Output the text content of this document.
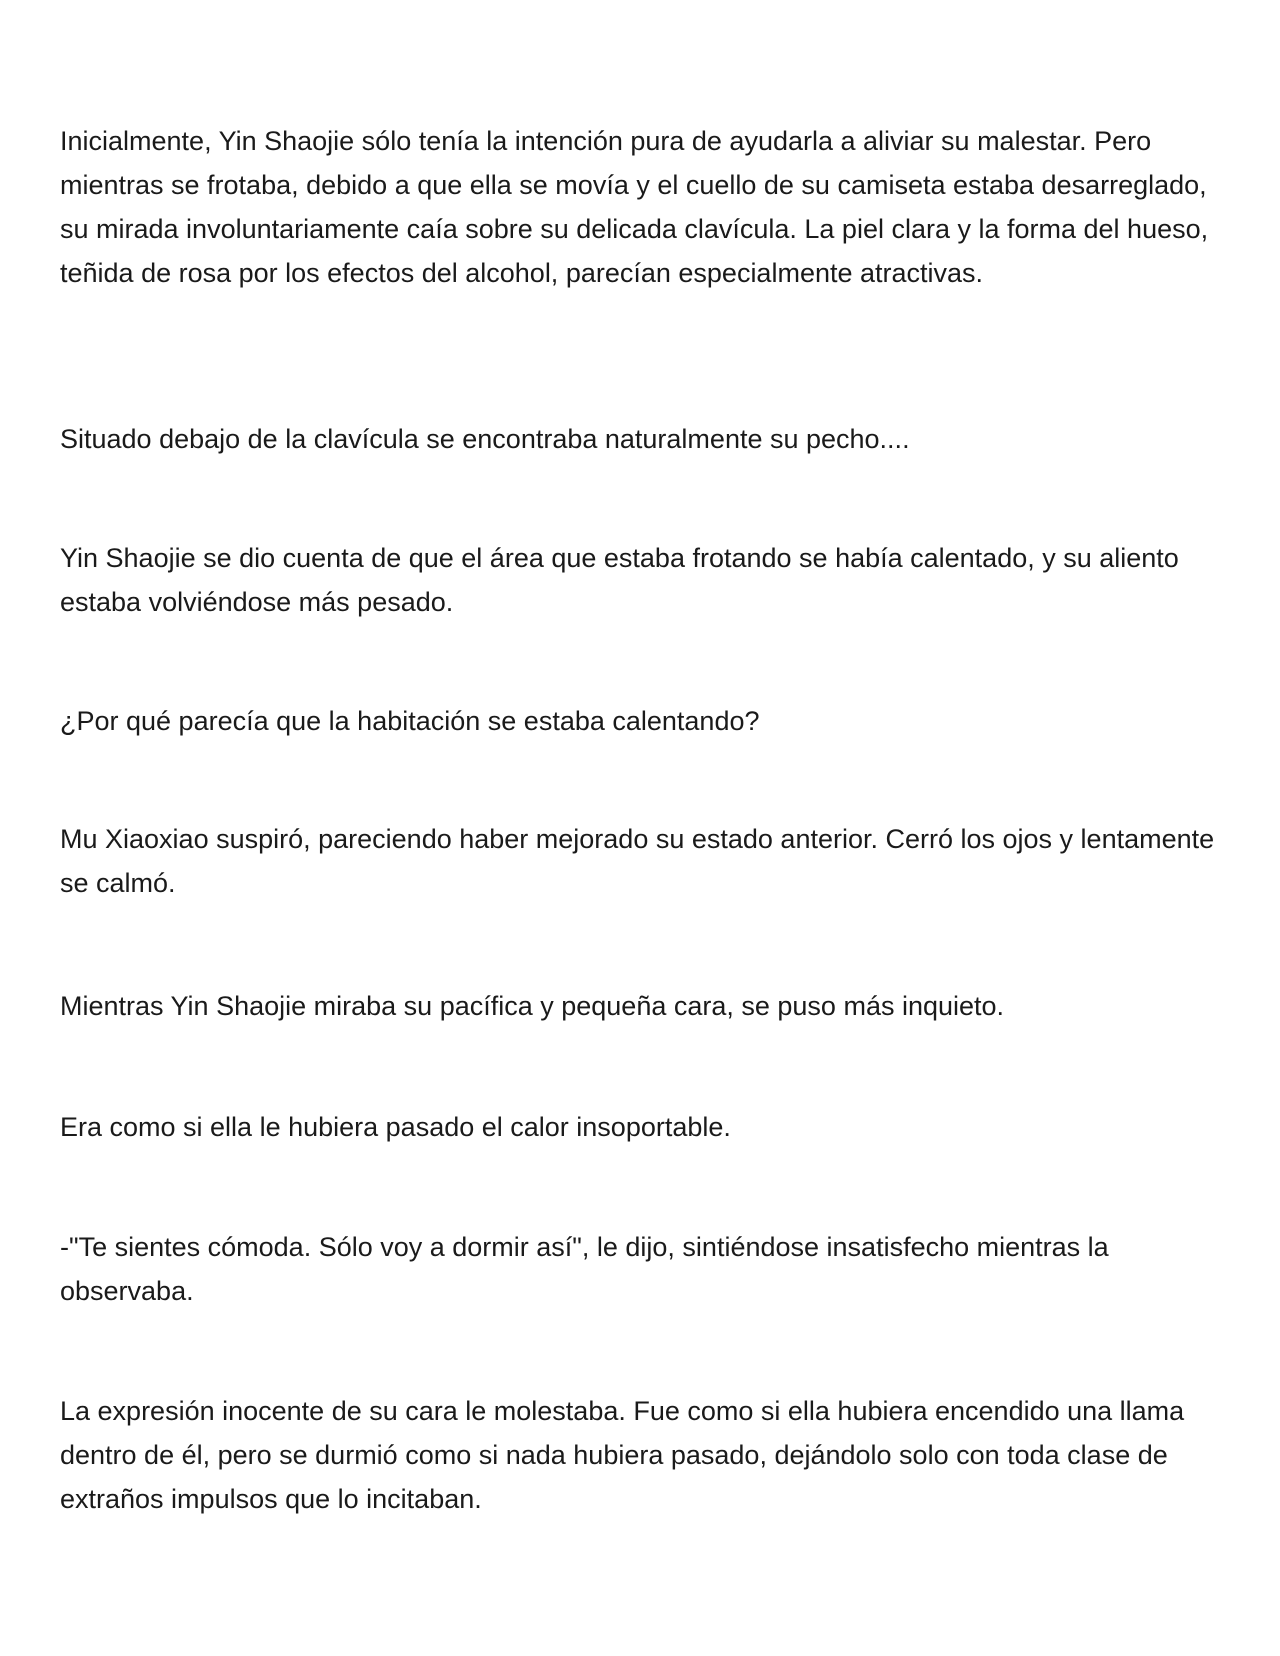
Inicialmente, Yin Shaojie sólo tenía la intención pura de ayudarla a aliviar su malestar. Pero mientras se frotaba, debido a que ella se movía y el cuello de su camiseta estaba desarreglado, su mirada involuntariamente caía sobre su delicada clavícula. La piel clara y la forma del hueso, teñida de rosa por los efectos del alcohol, parecían especialmente atractivas.

Situado debajo de la clavícula se encontraba naturalmente su pecho....

Yin Shaojie se dio cuenta de que el área que estaba frotando se había calentado, y su aliento estaba volviéndose más pesado.

¿Por qué parecía que la habitación se estaba calentando?

Mu Xiaoxiao suspiró, pareciendo haber mejorado su estado anterior. Cerró los ojos y lentamente se calmó.

Mientras Yin Shaojie miraba su pacífica y pequeña cara, se puso más inquieto.

Era como si ella le hubiera pasado el calor insoportable.

-"Te sientes cómoda. Sólo voy a dormir así", le dijo, sintiéndose insatisfecho mientras la observaba.

La expresión inocente de su cara le molestaba. Fue como si ella hubiera encendido una llama dentro de él, pero se durmió como si nada hubiera pasado, dejándolo solo con toda clase de extraños impulsos que lo incitaban.
